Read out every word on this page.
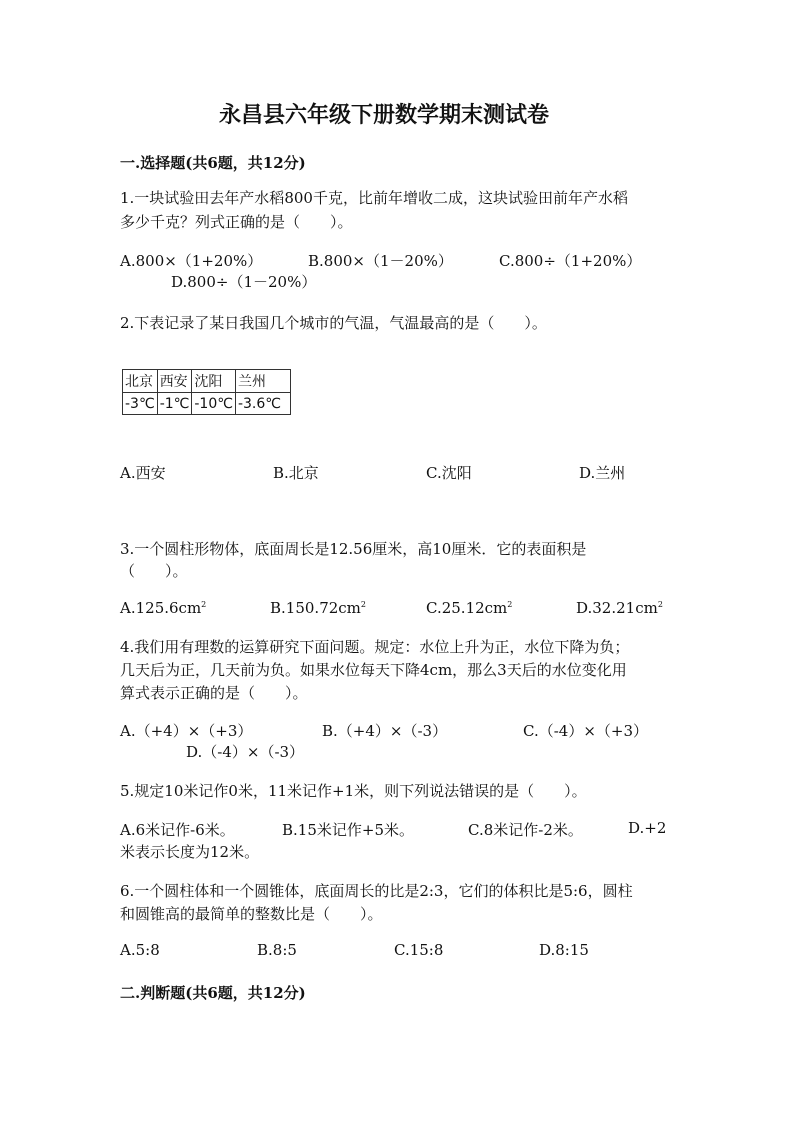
永昌县六年级下册数学期末测试卷
一.选择题(共6题，共12分)
1.一块试验田去年产水稻800千克，比前年增收二成，这块试验田前年产水稻
多少千克？列式正确的是（　　）。
A.800×（1+20%）	B.800×（1－20%）	C.800÷（1+20%）
D.800÷（1－20%）
2.下表记录了某日我国几个城市的气温，气温最高的是（　　）。
北京	西安	沈阳	兰州
-3℃	-1℃	-10℃	-3.6℃
A.西安	B.北京	C.沈阳	D.兰州
3.一个圆柱形物体，底面周长是12.56厘米，高10厘米．它的表面积是
（　　）。
$A.125.6cm^2$	$B.150.72cm^2$	$C.25.12cm^2$	$D.32.21cm^2$
4.我们用有理数的运算研究下面问题。规定：水位上升为正，水位下降为负；
几天后为正，几天前为负。如果水位每天下降4cm，那么3天后的水位变化用
算式表示正确的是（　　）。
A.（+4）×（+3）	B.（+4）×（-3）	C.（-4）×（+3）
D.（-4）×（-3）
5.规定10米记作0米，11米记作+1米，则下列说法错误的是（　　）。
A.6米记作-6米。	B.15米记作+5米。	C.8米记作-2米。	D.+2
米表示长度为12米。
6.一个圆柱体和一个圆锥体，底面周长的比是2:3，它们的体积比是5:6，圆柱
和圆锥高的最简单的整数比是（　　）。
A.5:8	B.8:5	C.15:8	D.8:15
二.判断题(共6题，共12分)
